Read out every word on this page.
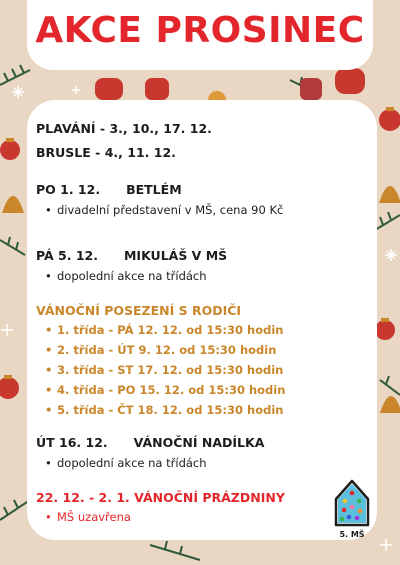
AKCE PROSINEC
PLAVÁNÍ - 3., 10., 17. 12.
BRUSLE - 4., 11. 12.
PO 1. 12. BETLÉM
• divadelní představení v MŠ, cena 90 Kč
PÁ 5. 12. MIKULÁŠ V MŠ
• dopolední akce na třídách
VÁNOČNÍ POSEZENÍ S RODIČI
• 1. třída - PÁ 12. 12. od 15:30 hodin
• 2. třída - ÚT 9. 12. od 15:30 hodin
• 3. třída - ST 17. 12. od 15:30 hodin
• 4. třída - PO 15. 12. od 15:30 hodin
• 5. třída - ČT 18. 12. od 15:30 hodin
ÚT 16. 12. VÁNOČNÍ NADÍLKA
• dopolední akce na třídách
22. 12. - 2. 1. VÁNOČNÍ PRÁZDNINY
• MŠ uzavřena
5. MŠ
